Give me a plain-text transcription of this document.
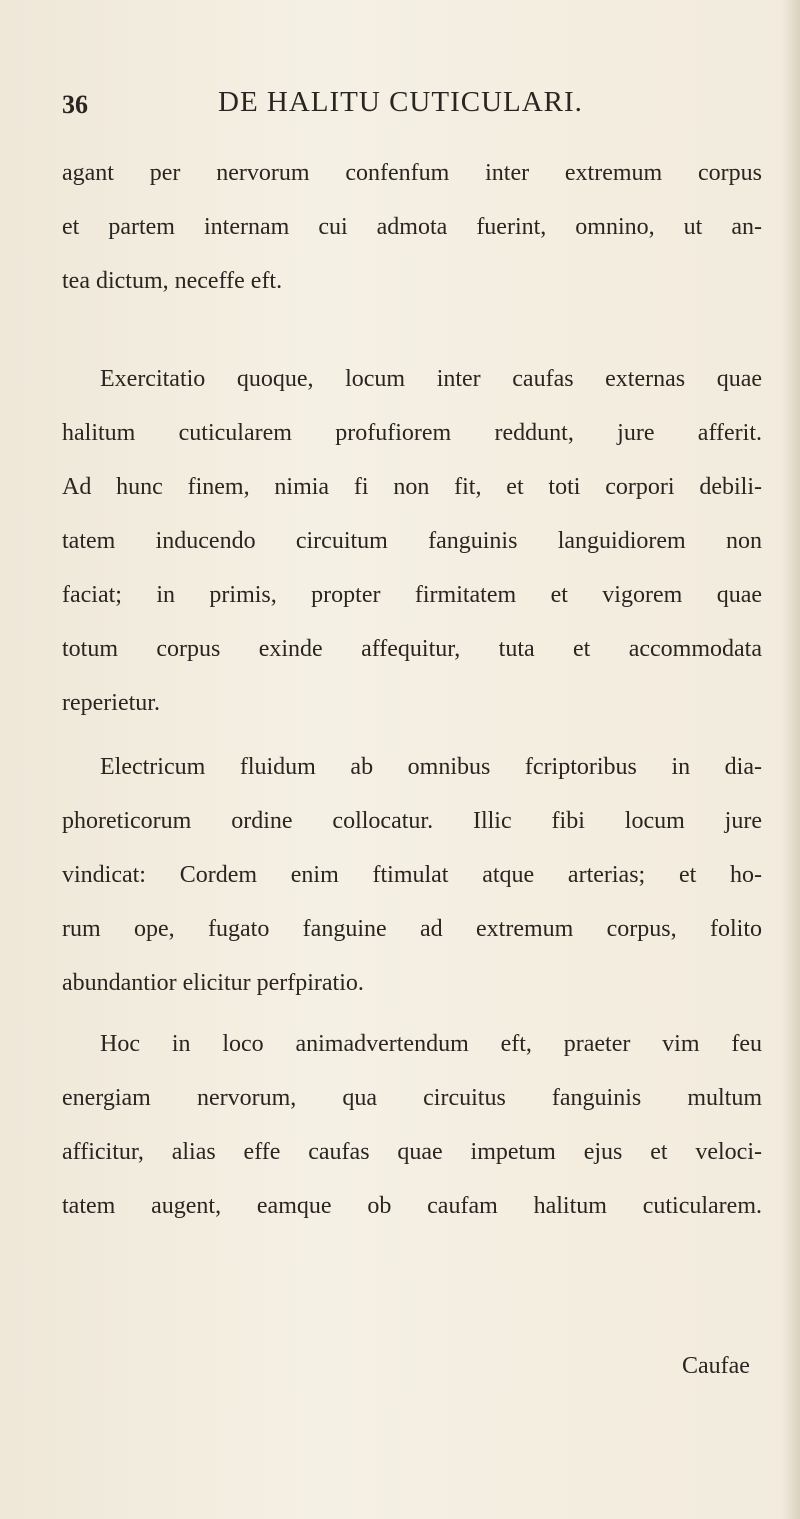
36	DE HALITU CUTICULARI.
agant per nervorum confenfum inter extremum corpus
et partem internam cui admota fuerint, omnino, ut an-
tea dictum, neceffe eft.
Exercitatio quoque, locum inter caufas externas quae
halitum cuticularem profufiorem reddunt, jure afferit.
Ad hunc finem, nimia fi non fit, et toti corpori debili-
tatem inducendo circuitum fanguinis languidiorem non
faciat; in primis, propter firmitatem et vigorem quae
totum corpus exinde affequitur, tuta et accommodata
reperietur.
Electricum fluidum ab omnibus fcriptoribus in dia-
phoreticorum ordine collocatur. Illic fibi locum jure
vindicat: Cordem enim ftimulat atque arterias; et ho-
rum ope, fugato fanguine ad extremum corpus, folito
abundantior elicitur perfpiratio.
Hoc in loco animadvertendum eft, praeter vim feu
energiam nervorum, qua circuitus fanguinis multum
afficitur, alias effe caufas quae impetum ejus et veloci-
tatem augent, eamque ob caufam halitum cuticularem.
Caufae
